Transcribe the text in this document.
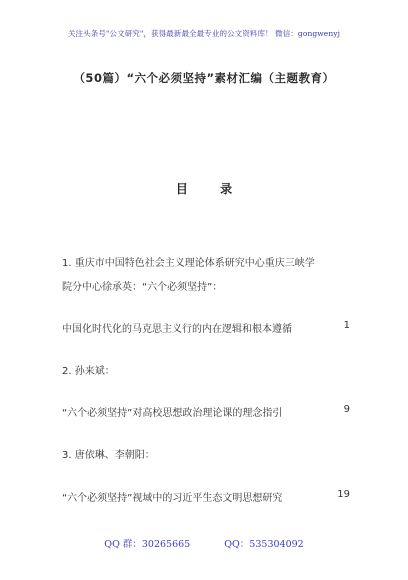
关注头条号"公文研究"，获得最新最全最专业的公文资料库！ 微信：gongwenyj
（50篇）“六个必须坚持”素材汇编（主题教育）
目 录
1. 重庆市中国特色社会主义理论体系研究中心重庆三峡学
院分中心徐承英：“六个必须坚持”：
中国化时代化的马克思主义行的内在逻辑和根本遵循	1
2. 孙来斌：
“六个必须坚持”对高校思想政治理论课的理念指引	9
3. 唐依琳、李朝阳：
“六个必须坚持”视域中的习近平生态文明思想研究	19
QQ 群：30265665	QQ：535304092
